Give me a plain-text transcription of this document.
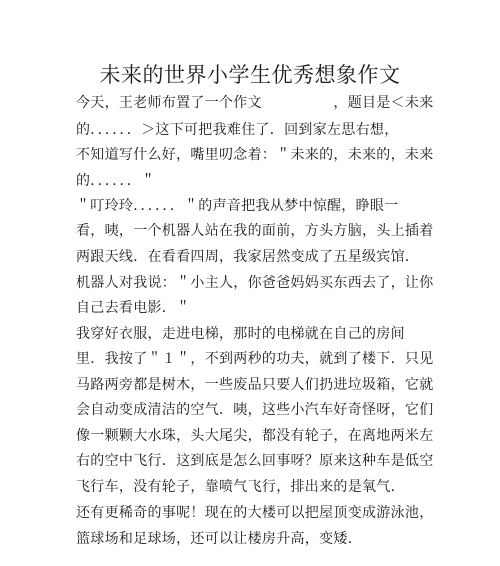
未来的世界小学生优秀想象作文
今天，王老师布置了一个作文　　　　　，题目是＜未来
的．．．．．．＞这下可把我难住了．回到家左思右想，
不知道写什么好，嘴里叨念着：＂未来的，未来的，未来
的．．．．．．＂
＂叮玲玲．．．．．．＂的声音把我从梦中惊醒，睁眼一
看，咦，一个机器人站在我的面前，方头方脑，头上插着
两跟天线．在看看四周，我家居然变成了五星级宾馆．
机器人对我说：＂小主人，你爸爸妈妈买东西去了，让你
自己去看电影．＂
我穿好衣服，走进电梯，那时的电梯就在自己的房间
里．我按了＂１＂，不到两秒的功夫，就到了楼下．只见
马路两旁都是树木，一些废品只要人们扔进垃圾箱，它就
会自动变成清洁的空气．咦，这些小汽车好奇怪呀，它们
像一颗颗大水珠，头大尾尖，都没有轮子，在离地两米左
右的空中飞行．这到底是怎么回事呀？原来这种车是低空
飞行车，没有轮子，靠喷气飞行，排出来的是氧气．
还有更稀奇的事呢！现在的大楼可以把屋顶变成游泳池，
篮球场和足球场，还可以让楼房升高，变矮．
